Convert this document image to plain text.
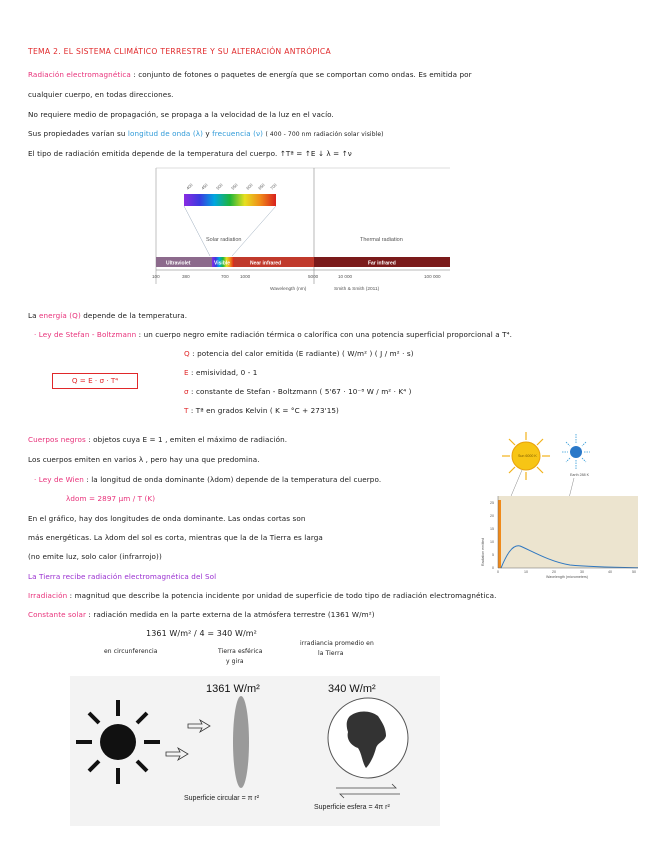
TEMA 2. EL SISTEMA CLIMÁTICO TERRESTRE Y SU ALTERACIÓN ANTRÓPICA
Radiación electromagnética : conjunto de fotones o paquetes de energía que se comportan como ondas. Es emitida por
cualquier cuerpo, en todas direcciones.
No requiere medio de propagación, se propaga a la velocidad de la luz en el vacío.
Sus propiedades varían su longitud de onda (λ) y frecuencia (ν) ( 400 - 700 nm radiación solar visible)
El tipo de radiación emitida depende de la temperatura del cuerpo. ↑Tª = ↑E ↓ λ = ↑ν
400 450 500 550 600 650 700
Solar radiation	Thermal radiation
Ultraviolet	Visible	Near infrared	Far infrared
100	380	700 1000	5000	10 000	100 000
Wavelength (nm)	Smith & Smith (2011)
La energía (Q) depende de la temperatura.
· Ley de Stefan - Boltzmann : un cuerpo negro emite radiación térmica o calorífica con una potencia superficial proporcional a T⁴.
Q = E · σ · T⁴
Q : potencia del calor emitida (E radiante) ( W/m² ) ( J / m² · s)
E : emisividad, 0 - 1
σ : constante de Stefan - Boltzmann ( 5'67 · 10⁻⁸ W / m² · K⁴ )
T : Tª en grados Kelvin ( K = °C + 273'15)
Cuerpos negros : objetos cuya E = 1 , emiten el máximo de radiación.
Los cuerpos emiten en varios λ , pero hay una que predomina.
· Ley de Wien : la longitud de onda dominante (λdom) depende de la temperatura del cuerpo.
λdom = 2897 µm / T (K)
En el gráfico, hay dos longitudes de onda dominante. Las ondas cortas son
más energéticas. La λdom del sol es corta, mientras que la de la Tierra es larga
(no emite luz, solo calor (infrarrojo))
La Tierra recibe radiación electromagnética del Sol
Sun 6000 K
Earth 288 K
25
20
15
10
5
0
0	10	20	30	40	50
Wavelength (micrometers)
Radiation emitted
Irradiación : magnitud que describe la potencia incidente por unidad de superficie de todo tipo de radiación electromagnética.
Constante solar : radiación medida en la parte externa de la atmósfera terrestre (1361 W/m²)
1361 W/m² / 4 = 340 W/m²
en circunferencia	Tierra esférica
y gira
irradiancia promedio en
la Tierra
1361 W/m²
Superficie circular = π r²
340 W/m²
Superficie esfera = 4π r²
